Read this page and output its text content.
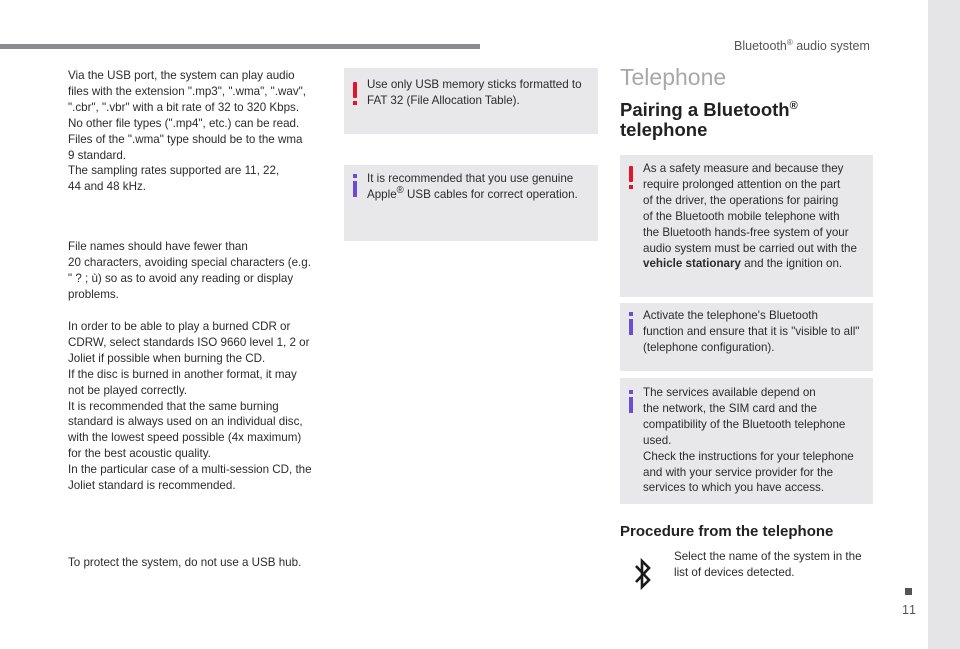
Bluetooth® audio system
Via the USB port, the system can play audio
files with the extension ".mp3", ".wma", ".wav",
".cbr", ".vbr" with a bit rate of 32 to 320 Kbps.
No other file types (".mp4", etc.) can be read.
Files of the ".wma" type should be to the wma
9 standard.
The sampling rates supported are 11, 22,
44 and 48 kHz.
File names should have fewer than
20 characters, avoiding special characters (e.g.
" ? ; ù) so as to avoid any reading or display
problems.
In order to be able to play a burned CDR or
CDRW, select standards ISO 9660 level 1, 2 or
Joliet if possible when burning the CD.
If the disc is burned in another format, it may
not be played correctly.
It is recommended that the same burning
standard is always used on an individual disc,
with the lowest speed possible (4x maximum)
for the best acoustic quality.
In the particular case of a multi-session CD, the
Joliet standard is recommended.
To protect the system, do not use a USB hub.
Use only USB memory sticks formatted to
FAT 32 (File Allocation Table).
It is recommended that you use genuine
Apple® USB cables for correct operation.
Telephone
Pairing a Bluetooth®
telephone
As a safety measure and because they
require prolonged attention on the part
of the driver, the operations for pairing
of the Bluetooth mobile telephone with
the Bluetooth hands-free system of your
audio system must be carried out with the
vehicle stationary and the ignition on.
Activate the telephone's Bluetooth
function and ensure that it is "visible to all"
(telephone configuration).
The services available depend on
the network, the SIM card and the
compatibility of the Bluetooth telephone
used.
Check the instructions for your telephone
and with your service provider for the
services to which you have access.
Procedure from the telephone
Select the name of the system in the
list of devices detected.
11
